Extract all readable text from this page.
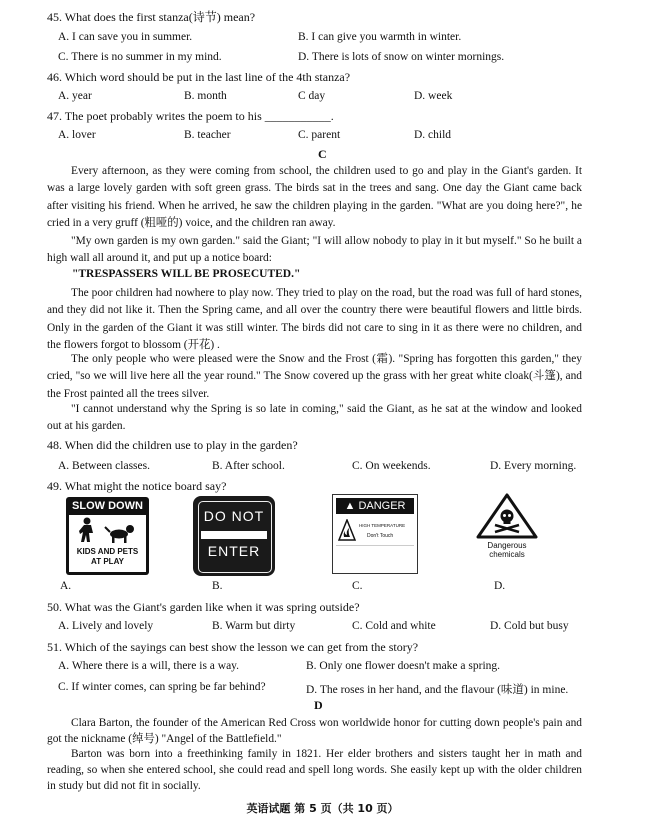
45. What does the first stanza(诗节) mean?
A. I can save you in summer.	B. I can give you warmth in winter.
C. There is no summer in my mind.	D. There is lots of snow on winter mornings.
46. Which word should be put in the last line of the 4th stanza?
A. year	B. month	C day	D. week
47. The poet probably writes the poem to his ___________.
A. lover	B. teacher	C. parent	D. child
C
Every afternoon, as they were coming from school, the children used to go and play in the Giant's garden. It was a large lovely garden with soft green grass. The birds sat in the trees and sang. One day the Giant came back after visiting his friend. When he arrived, he saw the children playing in the garden. "What are you doing here?", he cried in a very gruff (粗哑的) voice, and the children ran away.
"My own garden is my own garden." said the Giant; "I will allow nobody to play in it but myself." So he built a high wall all around it, and put up a notice board:
"TRESPASSERS WILL BE PROSECUTED."
The poor children had nowhere to play now. They tried to play on the road, but the road was full of hard stones, and they did not like it. Then the Spring came, and all over the country there were beautiful flowers and little birds. Only in the garden of the Giant it was still winter. The birds did not care to sing in it as there were no children, and the flowers forgot to blossom (开花) .
The only people who were pleased were the Snow and the Frost (霜). "Spring has forgotten this garden," they cried, "so we will live here all the year round." The Snow covered up the grass with her great white cloak(斗篷), and the Frost painted all the trees silver.
"I cannot understand why the Spring is so late in coming," said the Giant, as he sat at the window and looked out at his garden.
48. When did the children use to play in the garden?
A. Between classes.	B. After school.	C. On weekends.	D. Every morning.
49. What might the notice board say?
SLOW DOWN
KIDS AND PETS
AT PLAY
A.
DO NOT
ENTER
B.
▲ DANGER
HIGH TEMPERATURE
Don't Touch
C.
Dangerous
chemicals
D.
50. What was the Giant's garden like when it was spring outside?
A. Lively and lovely	B. Warm but dirty	C. Cold and white	D. Cold but busy
51. Which of the sayings can best show the lesson we can get from the story?
A. Where there is a will, there is a way.	B. Only one flower doesn't make a spring.
C. If winter comes, can spring be far behind?	D. The roses in her hand, and the flavour (味道) in mine.
D
Clara Barton, the founder of the American Red Cross won worldwide honor for cutting down people's pain and got the nickname (绰号) "Angel of the Battlefield."
Barton was born into a freethinking family in 1821. Her elder brothers and sisters taught her in math and reading, so when she entered school, she could read and spell long words. She easily kept up with the older children in study but did not fit in socially.
英语试题 第 5 页（共 10 页）
